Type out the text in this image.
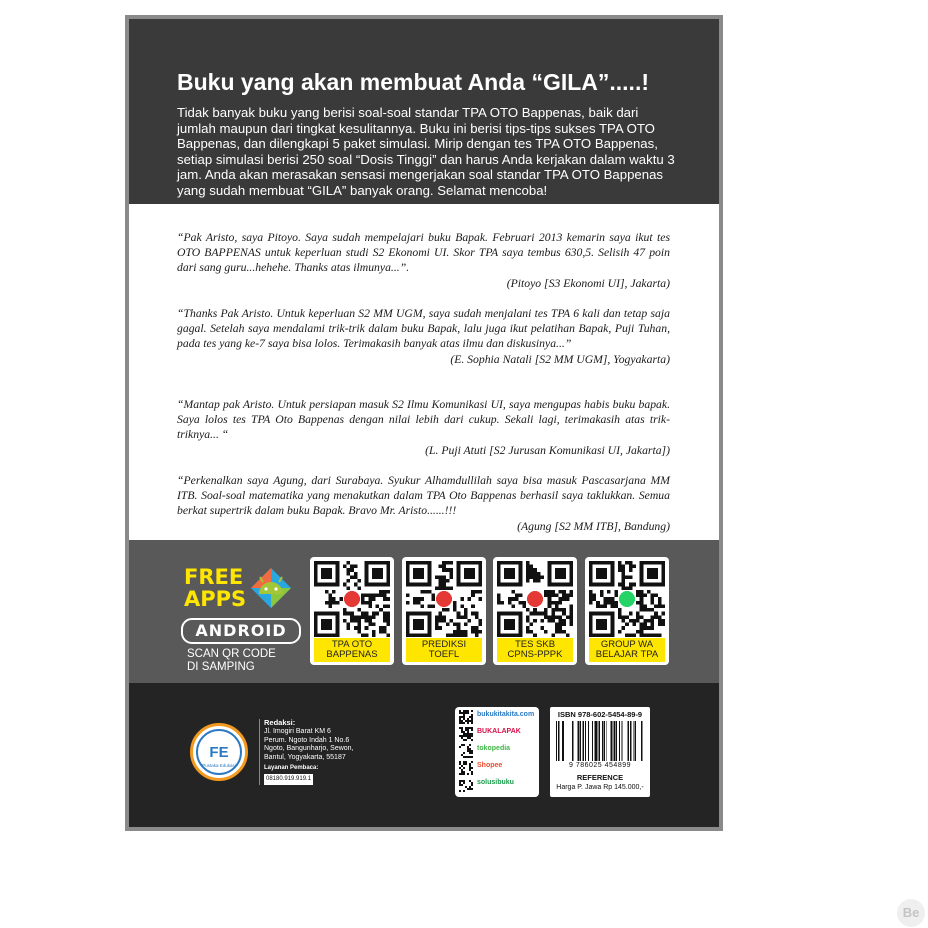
Buku yang akan membuat Anda “GILA”.....!
Tidak banyak buku yang berisi soal-soal standar TPA OTO Bappenas, baik dari jumlah maupun dari tingkat kesulitannya. Buku ini berisi tips-tips sukses TPA OTO Bappenas, dan dilengkapi 5 paket simulasi. Mirip dengan tes TPA OTO Bappenas, setiap simulasi berisi 250 soal “Dosis Tinggi” dan harus Anda kerjakan dalam waktu 3 jam. Anda akan merasakan sensasi mengerjakan soal standar TPA OTO Bappenas yang sudah membuat “GILA” banyak orang. Selamat mencoba!
“Pak Aristo, saya Pitoyo. Saya sudah mempelajari buku Bapak. Februari 2013 kemarin saya ikut tes OTO BAPPENAS untuk keperluan studi S2 Ekonomi UI. Skor TPA saya tembus 630,5. Selisih 47 poin dari sang guru...hehehe. Thanks atas ilmunya...”.
(Pitoyo [S3 Ekonomi UI], Jakarta)
“Thanks Pak Aristo. Untuk keperluan S2 MM UGM, saya sudah menjalani tes TPA 6 kali dan tetap saja gagal. Setelah saya mendalami trik-trik dalam buku Bapak, lalu juga ikut pelatihan Bapak, Puji Tuhan, pada tes yang ke-7 saya bisa lolos. Terimakasih banyak atas ilmu dan diskusinya...”
(E. Sophia Natali [S2 MM UGM], Yogyakarta)
“Mantap pak Aristo. Untuk persiapan masuk S2 Ilmu Komunikasi UI, saya mengupas habis buku bapak. Saya lolos tes TPA Oto Bappenas dengan nilai lebih dari cukup. Sekali lagi, terimakasih atas trik-triknya... “
(L. Puji Atuti [S2 Jurusan Komunikasi UI, Jakarta])
“Perkenalkan saya Agung, dari Surabaya. Syukur Alhamdullilah saya bisa masuk Pascasarjana MM ITB. Soal-soal matematika yang menakutkan dalam TPA Oto Bappenas berhasil saya taklukkan. Semua berkat supertrik dalam buku Bapak. Bravo Mr. Aristo......!!!
(Agung [S2 MM ITB], Bandung)
FREE
APPS
ANDROID
SCAN QR CODE
DI SAMPING
TPA OTO
BAPPENAS
PREDIKSI
TOEFL
TES SKB
CPNS-PPPK
GROUP WA
BELAJAR TPA
FE
Pustaka Edukasi
Redaksi:
Jl. Imogiri Barat KM 6
Perum. Ngoto Indah 1 No.6
Ngoto, Bangunharjo, Sewon,
Bantul, Yogyakarta, 55187
Layanan Pembaca:
08180.919.919.1
bukukitakita.com
BUKALAPAK
tokopedia
Shopee
solusibuku
ISBN 978-602-5454-89-9
9 786025 454899
REFERENCE
Harga P. Jawa Rp 145.000,-
Be
